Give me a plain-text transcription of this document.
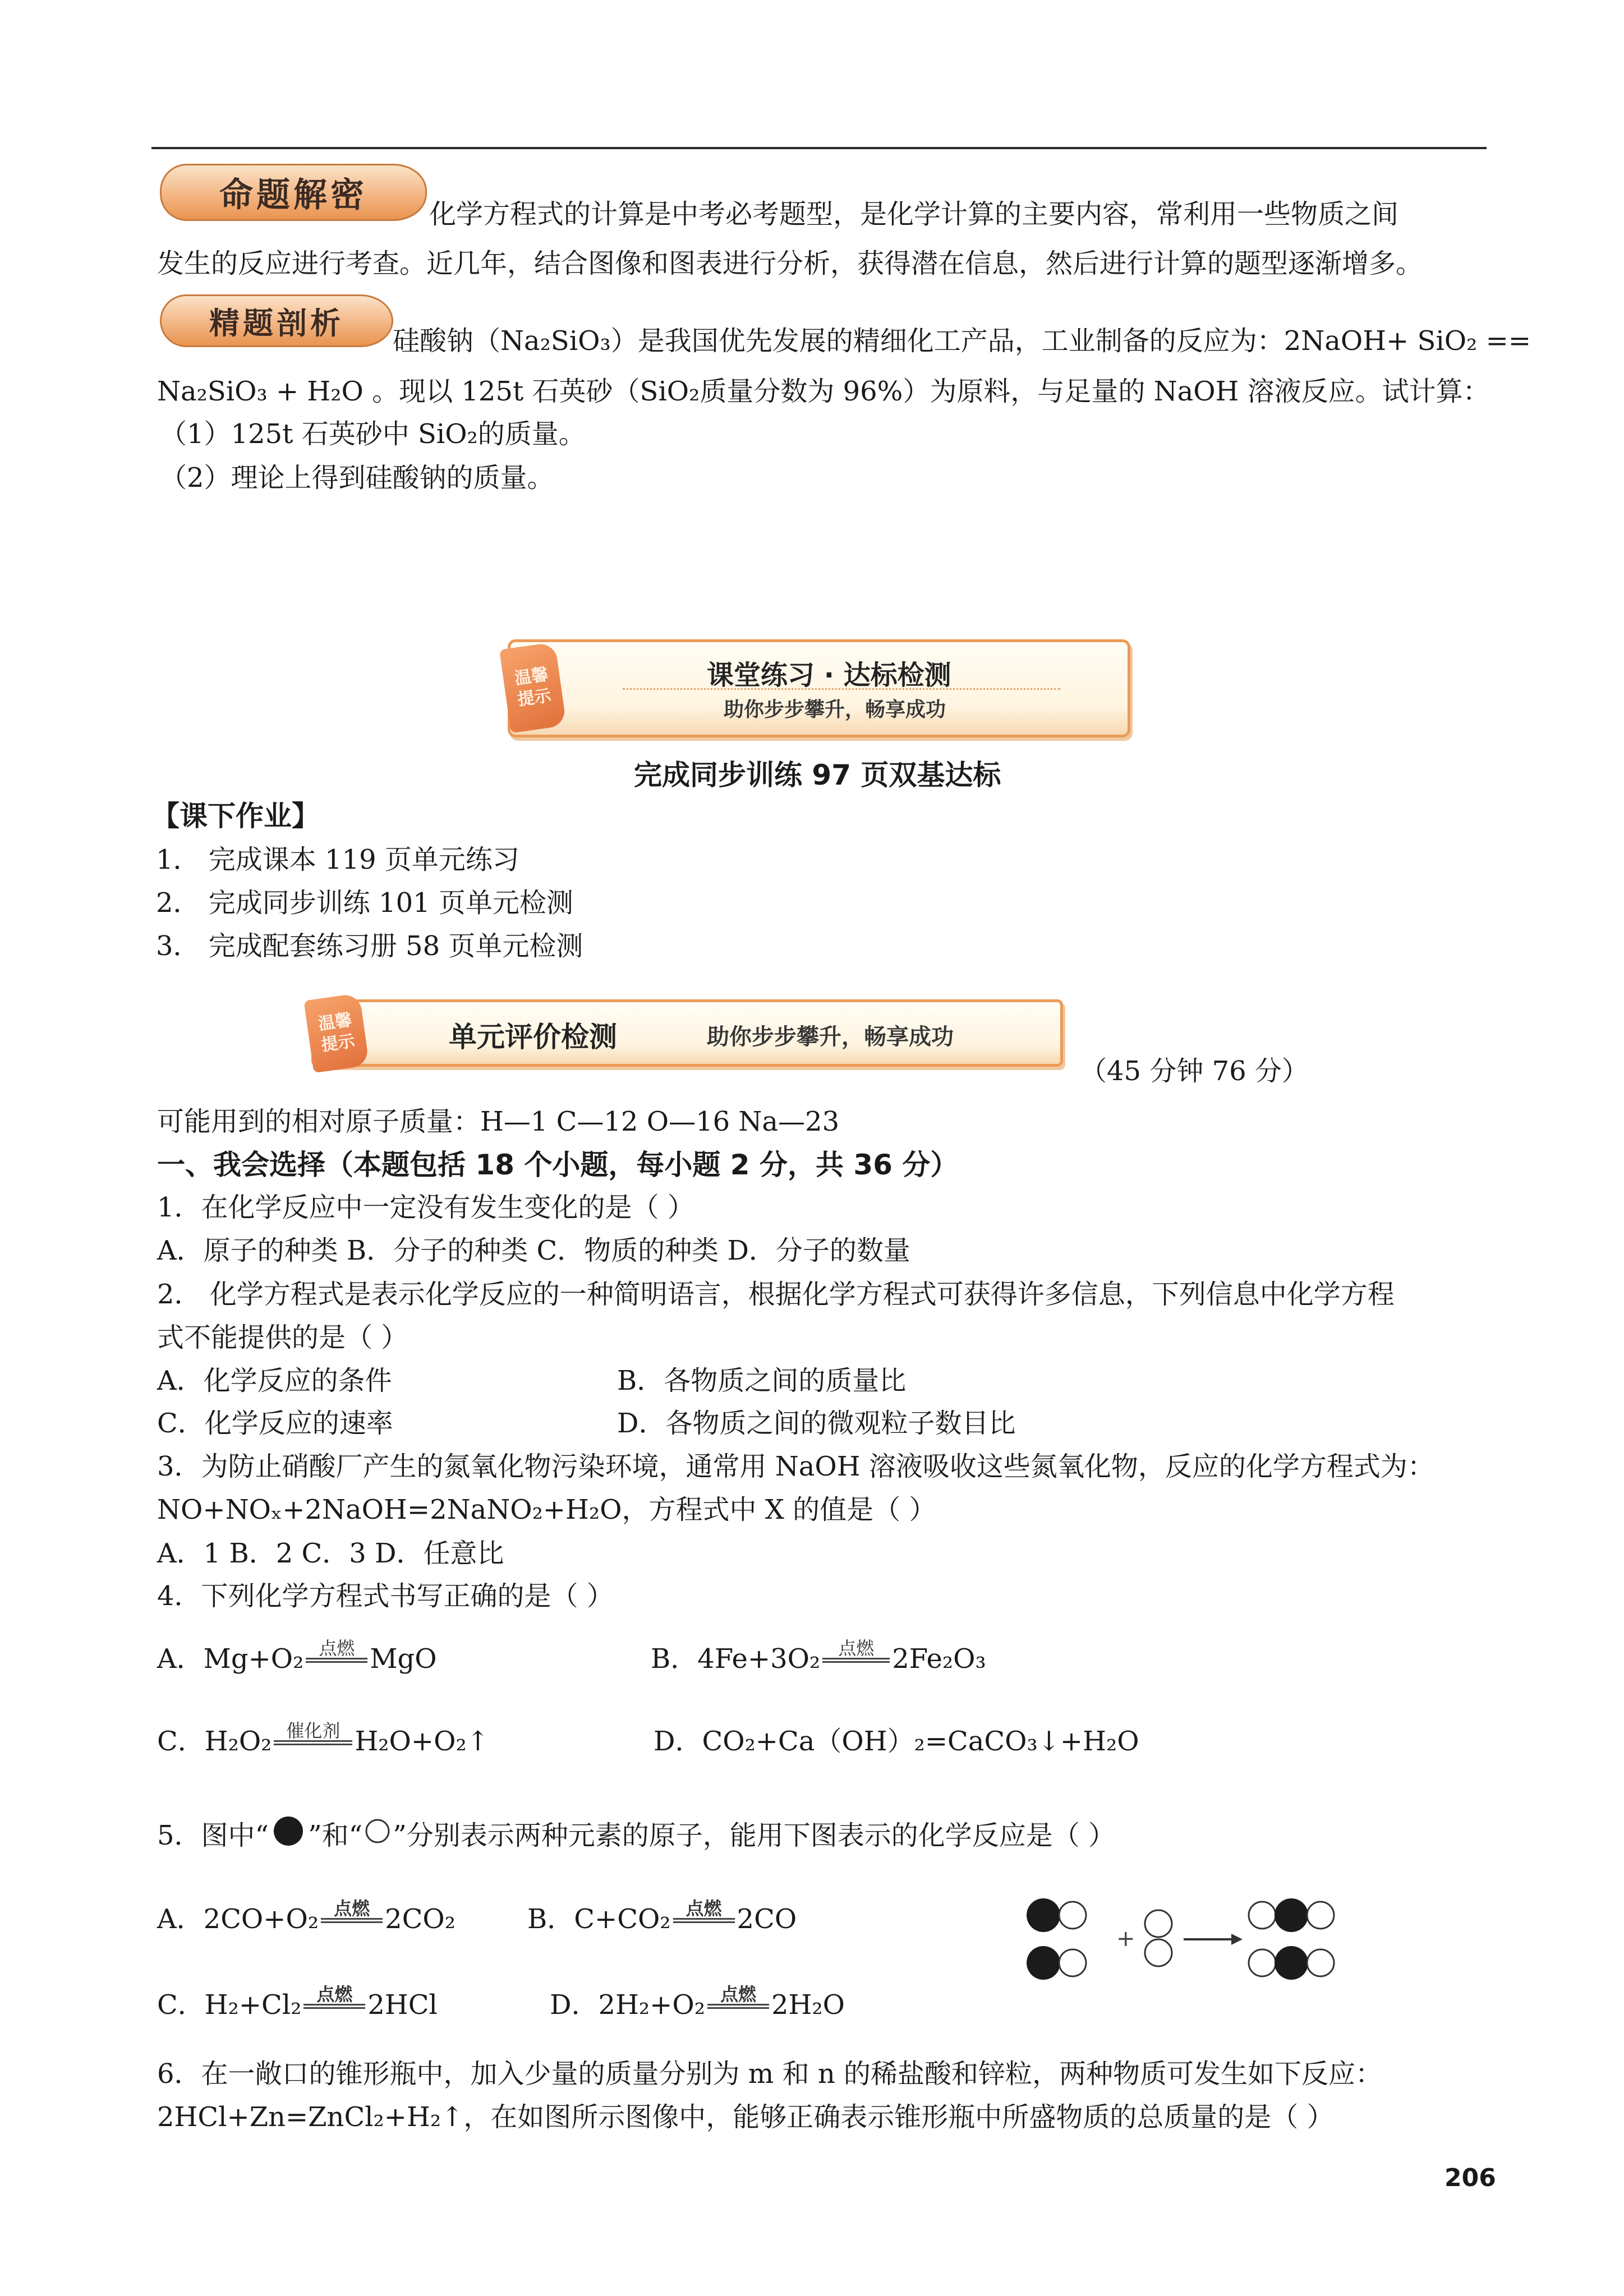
命题解密 化学方程式的计算是中考必考题型，是化学计算的主要内容，常利用一些物质之间
发生的反应进行考查。近几年，结合图像和图表进行分析，获得潜在信息，然后进行计算的题型逐渐增多。
精题剖析
硅酸钠（Na₂SiO₃）是我国优先发展的精细化工产品，工业制备的反应为：2NaOH+ SiO₂ ==
Na₂SiO₃ + H₂O 。现以 125t 石英砂（SiO₂质量分数为 96%）为原料，与足量的 NaOH 溶液反应。试计算：
（1）125t 石英砂中 SiO₂的质量。
（2）理论上得到硅酸钠的质量。
温馨
提示
课堂练习 · 达标检测
助你步步攀升，畅享成功
完成同步训练 97 页双基达标
【课下作业】
1． 完成课本 119 页单元练习
2． 完成同步训练 101 页单元检测
3． 完成配套练习册 58 页单元检测
温馨
提示	单元评价检测	助你步步攀升，畅享成功
（45 分钟 76 分）
可能用到的相对原子质量：H—1 C—12 O—16 Na—23
一、我会选择（本题包括 18 个小题，每小题 2 分，共 36 分）
1．在化学反应中一定没有发生变化的是（ ）
A．原子的种类 B．分子的种类 C．物质的种类 D．分子的数量
2． 化学方程式是表示化学反应的一种简明语言，根据化学方程式可获得许多信息，下列信息中化学方程
式不能提供的是（ ）
A．化学反应的条件	B．各物质之间的质量比
C．化学反应的速率	D．各物质之间的微观粒子数目比
3．为防止硝酸厂产生的氮氧化物污染环境，通常用 NaOH 溶液吸收这些氮氧化物，反应的化学方程式为：
NO+NOₓ+2NaOH=2NaNO₂+H₂O，方程式中 X 的值是（ ）
A．1 B．2 C．3 D．任意比
4．下列化学方程式书写正确的是（ ）
A．Mg+O₂ 点燃 MgO	B．4Fe+3O₂ 点燃 2Fe₂O₃
C．H₂O₂ 催化剂 H₂O+O₂↑	D．CO₂+Ca（OH）₂=CaCO₃↓+H₂O
5．图中“ ”和“ ”分别表示两种元素的原子，能用下图表示的化学反应是（ ）
A．2CO+O₂ 点燃 2CO₂	B．C+CO₂ 点燃 2CO
C．H₂+Cl₂ 点燃 2HCl	D．2H₂+O₂ 点燃 2H₂O
+
6．在一敞口的锥形瓶中，加入少量的质量分别为 m 和 n 的稀盐酸和锌粒，两种物质可发生如下反应：
2HCl+Zn=ZnCl₂+H₂↑，在如图所示图像中，能够正确表示锥形瓶中所盛物质的总质量的是（ ）
206
